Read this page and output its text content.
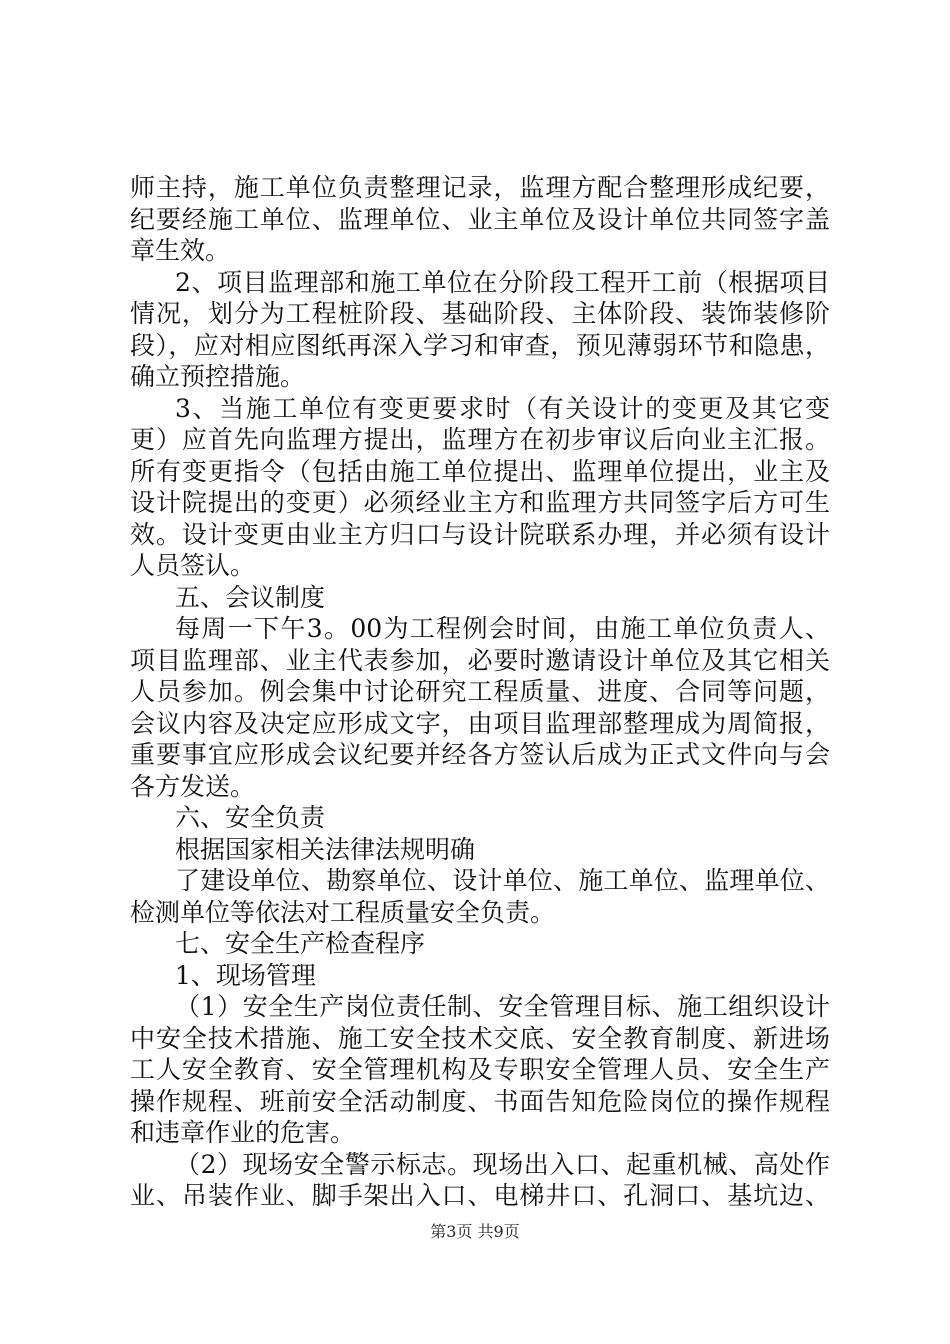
师主持，施工单位负责整理记录，监理方配合整理形成纪要，
纪要经施工单位、监理单位、业主单位及设计单位共同签字盖
章生效。
2、项目监理部和施工单位在分阶段工程开工前（根据项目
情况，划分为工程桩阶段、基础阶段、主体阶段、装饰装修阶
段），应对相应图纸再深入学习和审查，预见薄弱环节和隐患，
确立预控措施。
3、当施工单位有变更要求时（有关设计的变更及其它变
更）应首先向监理方提出，监理方在初步审议后向业主汇报。
所有变更指令（包括由施工单位提出、监理单位提出，业主及
设计院提出的变更）必须经业主方和监理方共同签字后方可生
效。设计变更由业主方归口与设计院联系办理，并必须有设计
人员签认。
五、会议制度
每周一下午3。00为工程例会时间，由施工单位负责人、
项目监理部、业主代表参加，必要时邀请设计单位及其它相关
人员参加。例会集中讨论研究工程质量、进度、合同等问题，
会议内容及决定应形成文字，由项目监理部整理成为周简报，
重要事宜应形成会议纪要并经各方签认后成为正式文件向与会
各方发送。
六、安全负责
根据国家相关法律法规明确
了建设单位、勘察单位、设计单位、施工单位、监理单位、
检测单位等依法对工程质量安全负责。
七、安全生产检查程序
1、现场管理
（1）安全生产岗位责任制、安全管理目标、施工组织设计
中安全技术措施、施工安全技术交底、安全教育制度、新进场
工人安全教育、安全管理机构及专职安全管理人员、安全生产
操作规程、班前安全活动制度、书面告知危险岗位的操作规程
和违章作业的危害。
（2）现场安全警示标志。现场出入口、起重机械、高处作
业、吊装作业、脚手架出入口、电梯井口、孔洞口、基坑边、
第3页 共9页
